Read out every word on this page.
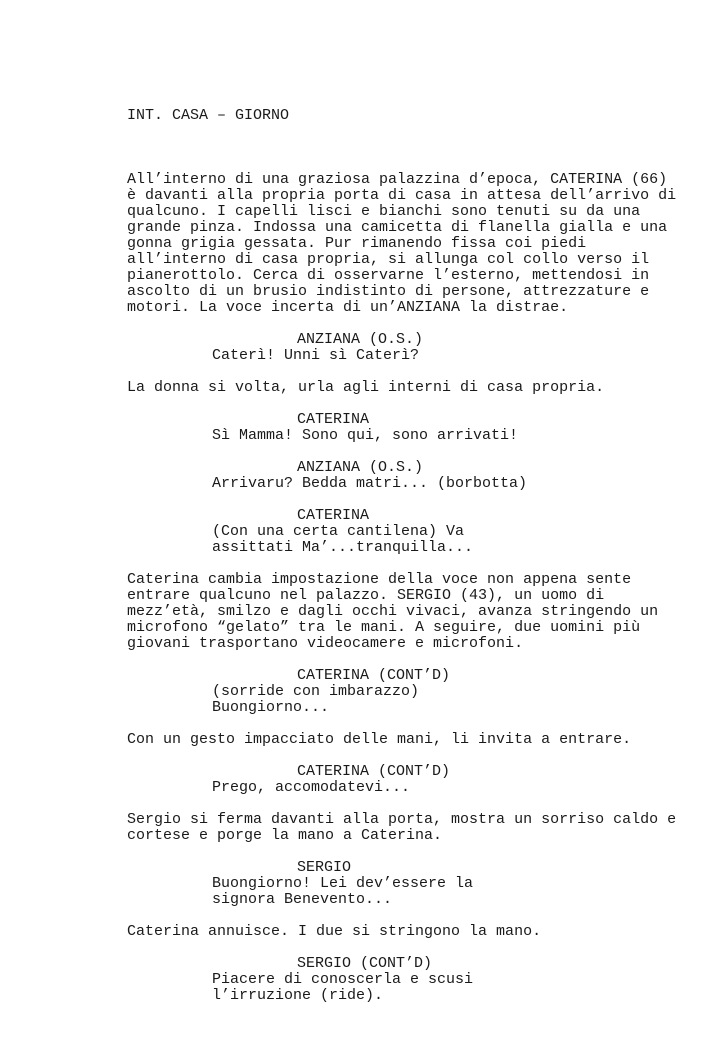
INT. CASA – GIORNO

All’interno di una graziosa palazzina d’epoca, CATERINA (66)
è davanti alla propria porta di casa in attesa dell’arrivo di
qualcuno. I capelli lisci e bianchi sono tenuti su da una
grande pinza. Indossa una camicetta di flanella gialla e una
gonna grigia gessata. Pur rimanendo fissa coi piedi
all’interno di casa propria, si allunga col collo verso il
pianerottolo. Cerca di osservarne l’esterno, mettendosi in
ascolto di un brusio indistinto di persone, attrezzature e
motori. La voce incerta di un’ANZIANA la distrae.
ANZIANA (O.S.)
Caterì! Unni sì Caterì?
La donna si volta, urla agli interni di casa propria.
CATERINA
Sì Mamma! Sono qui, sono arrivati!
ANZIANA (O.S.)
Arrivaru? Bedda matri... (borbotta)
CATERINA
(Con una certa cantilena) Va
assittati Ma’...tranquilla...
Caterina cambia impostazione della voce non appena sente
entrare qualcuno nel palazzo. SERGIO (43), un uomo di
mezz’età, smilzo e dagli occhi vivaci, avanza stringendo un
microfono “gelato” tra le mani. A seguire, due uomini più
giovani trasportano videocamere e microfoni.
CATERINA (CONT’D)
(sorride con imbarazzo)
Buongiorno...
Con un gesto impacciato delle mani, li invita a entrare.
CATERINA (CONT’D)
Prego, accomodatevi...
Sergio si ferma davanti alla porta, mostra un sorriso caldo e
cortese e porge la mano a Caterina.
SERGIO
Buongiorno! Lei dev’essere la
signora Benevento...
Caterina annuisce. I due si stringono la mano.
SERGIO (CONT’D)
Piacere di conoscerla e scusi
l’irruzione (ride).
